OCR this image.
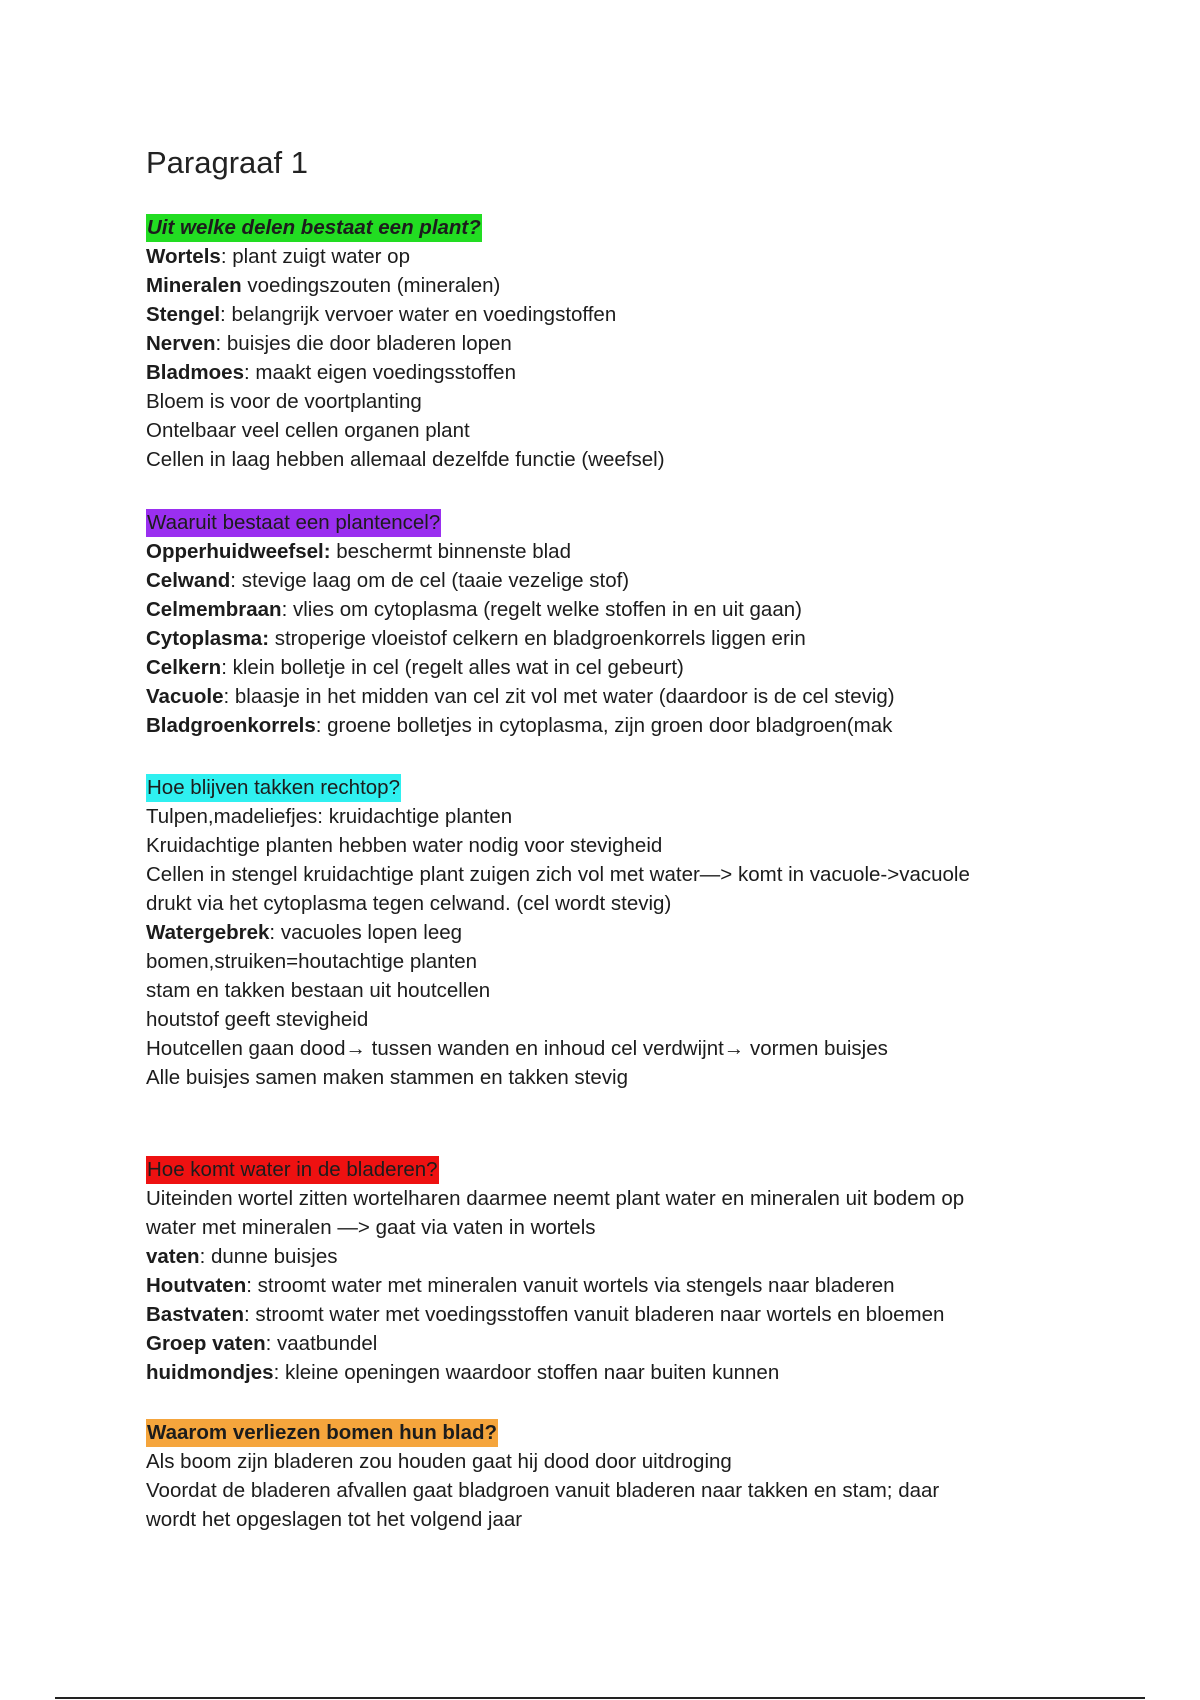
Paragraaf 1
Uit welke delen bestaat een plant?

Wortels: plant zuigt water op

Mineralen voedingszouten (mineralen)

Stengel: belangrijk vervoer water en voedingstoffen

Nerven: buisjes die door bladeren lopen

Bladmoes: maakt eigen voedingsstoffen

Bloem is voor de voortplanting

Ontelbaar veel cellen organen plant

Cellen in laag hebben allemaal dezelfde functie (weefsel)

Waaruit bestaat een plantencel?

Opperhuidweefsel: beschermt binnenste blad

Celwand: stevige laag om de cel (taaie vezelige stof)

Celmembraan: vlies om cytoplasma (regelt welke stoffen in en uit gaan)

Cytoplasma: stroperige vloeistof celkern en bladgroenkorrels liggen erin

Celkern: klein bolletje in cel (regelt alles wat in cel gebeurt)

Vacuole: blaasje in het midden van cel zit vol met water (daardoor is de cel stevig)

Bladgroenkorrels: groene bolletjes in cytoplasma, zijn groen door bladgroen(mak

Hoe blijven takken rechtop?

Tulpen,madeliefjes: kruidachtige planten

Kruidachtige planten hebben water nodig voor stevigheid

Cellen in stengel kruidachtige plant zuigen zich vol met water—> komt in vacuole->vacuole

drukt via het cytoplasma tegen celwand. (cel wordt stevig)

Watergebrek: vacuoles lopen leeg

bomen,struiken=houtachtige planten

stam en takken bestaan uit houtcellen

houtstof geeft stevigheid

Houtcellen gaan dood→ tussen wanden en inhoud cel verdwijnt→ vormen buisjes

Alle buisjes samen maken stammen en takken stevig

Hoe komt water in de bladeren?

Uiteinden wortel zitten wortelharen daarmee neemt plant water en mineralen uit bodem op

water met mineralen —> gaat via vaten in wortels

vaten: dunne buisjes

Houtvaten: stroomt water met mineralen vanuit wortels via stengels naar bladeren

Bastvaten: stroomt water met voedingsstoffen vanuit bladeren naar wortels en bloemen

Groep vaten: vaatbundel

huidmondjes: kleine openingen waardoor stoffen naar buiten kunnen

Waarom verliezen bomen hun blad?

Als boom zijn bladeren zou houden gaat hij dood door uitdroging

Voordat de bladeren afvallen gaat bladgroen vanuit bladeren naar takken en stam; daar

wordt het opgeslagen tot het volgend jaar
